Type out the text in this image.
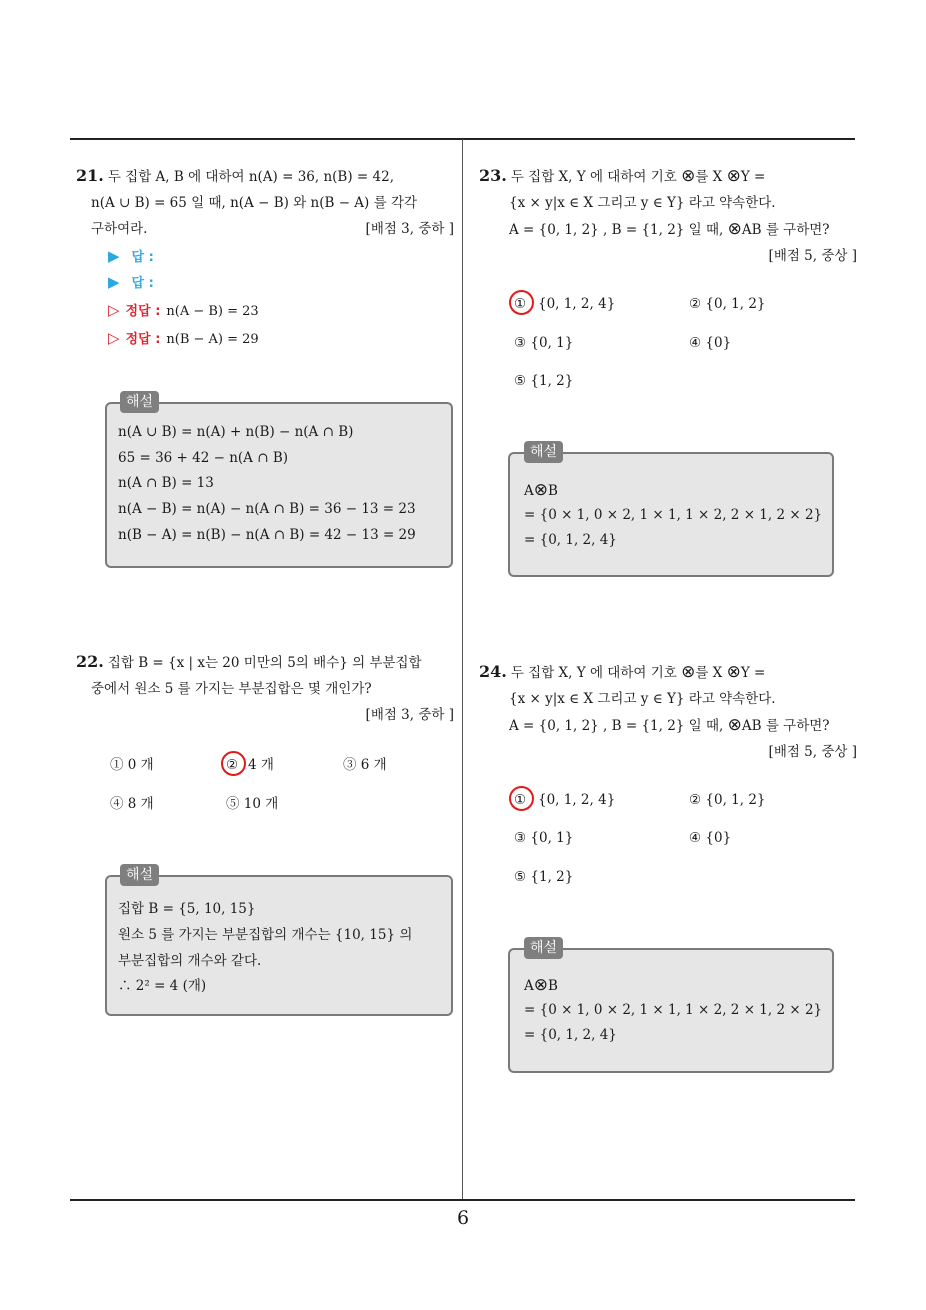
6
21. 두 집합 A, B 에 대하여 n(A) = 36, n(B) = 42,
n(A ∪ B) = 65 일 때, n(A − B) 와 n(B − A) 를 각각
구하여라.	[배점 3, 중하 ]
▶ 답 :
▶ 답 :
▷ 정답 : n(A − B) = 23
▷ 정답 : n(B − A) = 29
해설
n(A ∪ B) = n(A) + n(B) − n(A ∩ B)
65 = 36 + 42 − n(A ∩ B)
n(A ∩ B) = 13
n(A − B) = n(A) − n(A ∩ B) = 36 − 13 = 23
n(B − A) = n(B) − n(A ∩ B) = 42 − 13 = 29
22. 집합 B = {x | x는 20 미만의 5의 배수} 의 부분집합
중에서 원소 5 를 가지는 부분집합은 몇 개인가?
[배점 3, 중하 ]
① 0 개	② 4 개	③ 6 개
④ 8 개	⑤ 10 개
해설
집합 B = {5, 10, 15}
원소 5 를 가지는 부분집합의 개수는 {10, 15} 의
부분집합의 개수와 같다.
∴ 2² = 4 (개)
23. 두 집합 X, Y 에 대하여 기호 ⊗를 X ⊗Y =
{x × y|x ∈ X 그리고 y ∈ Y} 라고 약속한다.
A = {0, 1, 2} , B = {1, 2} 일 때, ⊗AB 를 구하면?
[배점 5, 중상 ]
① {0, 1, 2, 4}	② {0, 1, 2}
③ {0, 1}	④ {0}
⑤ {1, 2}
해설
A⊗B
= {0 × 1, 0 × 2, 1 × 1, 1 × 2, 2 × 1, 2 × 2}
= {0, 1, 2, 4}
24. 두 집합 X, Y 에 대하여 기호 ⊗를 X ⊗Y =
{x × y|x ∈ X 그리고 y ∈ Y} 라고 약속한다.
A = {0, 1, 2} , B = {1, 2} 일 때, ⊗AB 를 구하면?
[배점 5, 중상 ]
① {0, 1, 2, 4}	② {0, 1, 2}
③ {0, 1}	④ {0}
⑤ {1, 2}
해설
A⊗B
= {0 × 1, 0 × 2, 1 × 1, 1 × 2, 2 × 1, 2 × 2}
= {0, 1, 2, 4}
